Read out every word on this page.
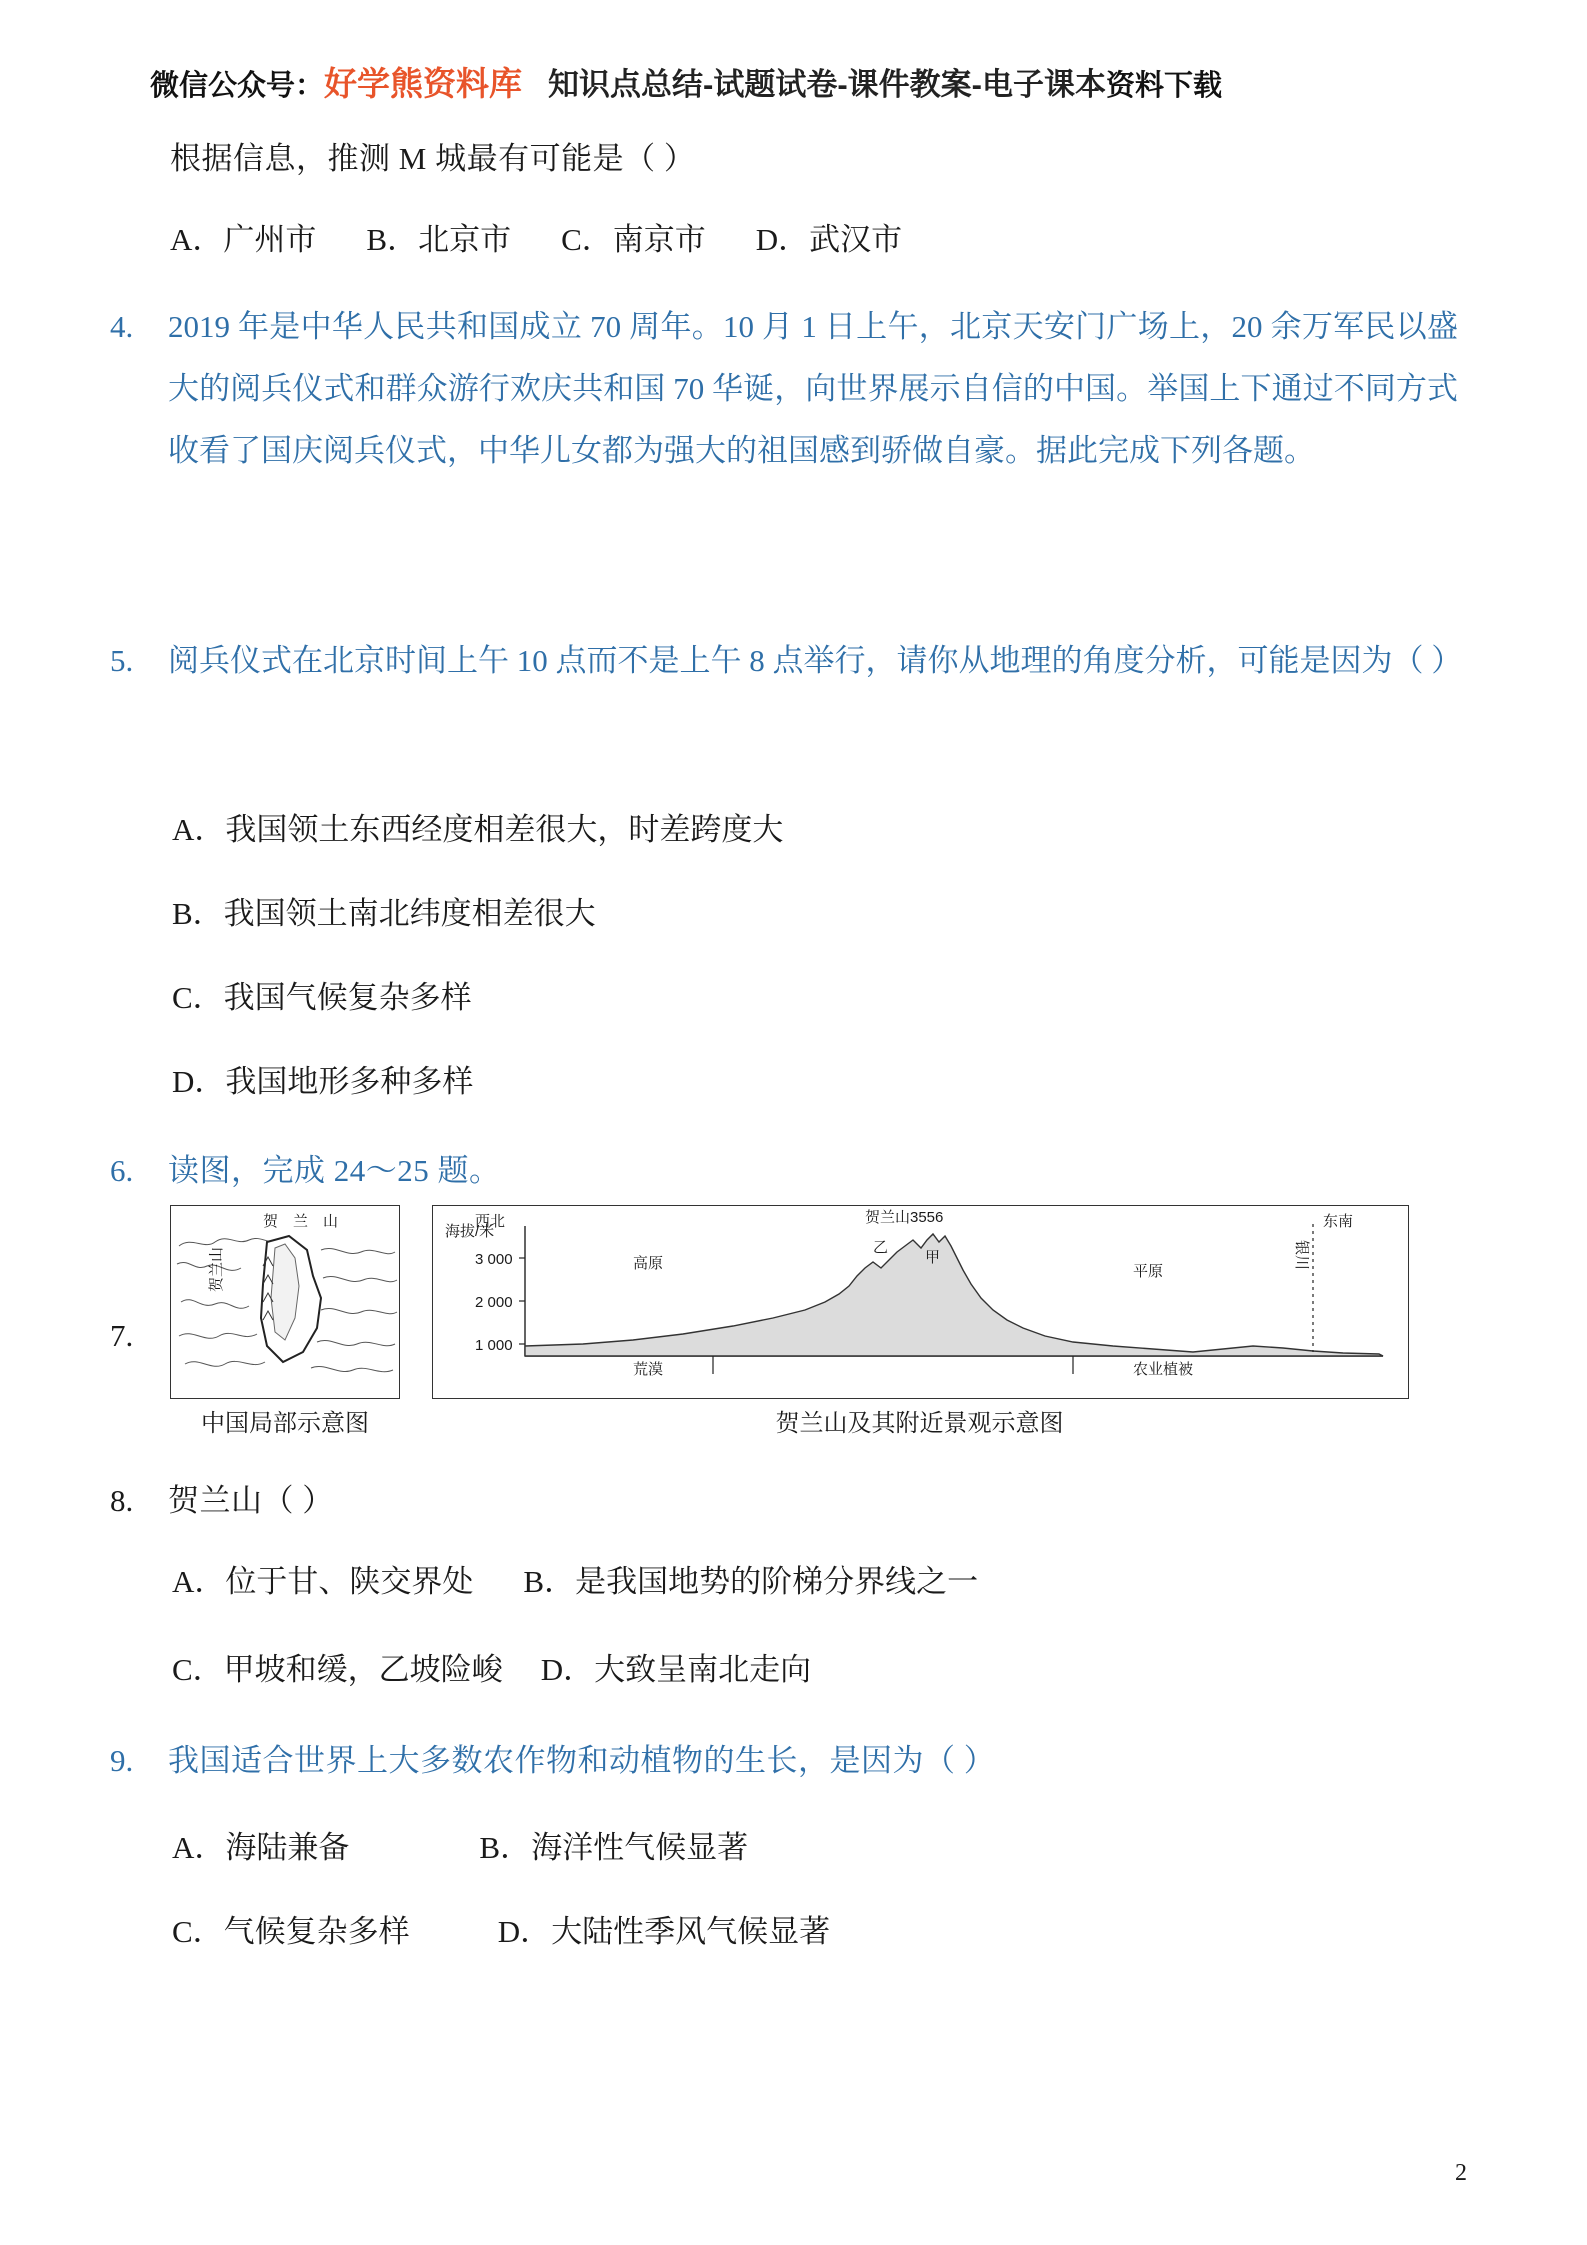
微信公众号：好学熊资料库 知识点总结-试题试卷-课件教案-电子课本资料下载
根据信息，推测 M 城最有可能是（ ）
A．广州市 B．北京市 C．南京市 D．武汉市
4. 2019 年是中华人民共和国成立 70 周年。10 月 1 日上午，北京天安门广场上，20 余万军民以盛大的阅兵仪式和群众游行欢庆共和国 70 华诞，向世界展示自信的中国。举国上下通过不同方式收看了国庆阅兵仪式，中华儿女都为强大的祖国感到骄做自豪。据此完成下列各题。
5. 阅兵仪式在北京时间上午 10 点而不是上午 8 点举行，请你从地理的角度分析，可能是因为（ ）
A．我国领土东西经度相差很大，时差跨度大
B．我国领土南北纬度相差很大
C．我国气候复杂多样
D．我国地形多种多样
6. 读图，完成 24～25 题。
7.
贺　兰　山
贺兰山
中国局部示意图
海拔/米
3 000
2 000
1 000
西北	东南
贺兰山3556
乙
甲
高原
荒漠
平原
农业植被
银川
贺兰山及其附近景观示意图
8. 贺兰山（ ）
A．位于甘、陕交界处 B．是我国地势的阶梯分界线之一
C．甲坡和缓，乙坡险峻 D．大致呈南北走向
9. 我国适合世界上大多数农作物和动植物的生长，是因为（ ）
A．海陆兼备	B．海洋性气候显著
C．气候复杂多样	D．大陆性季风气候显著
2
